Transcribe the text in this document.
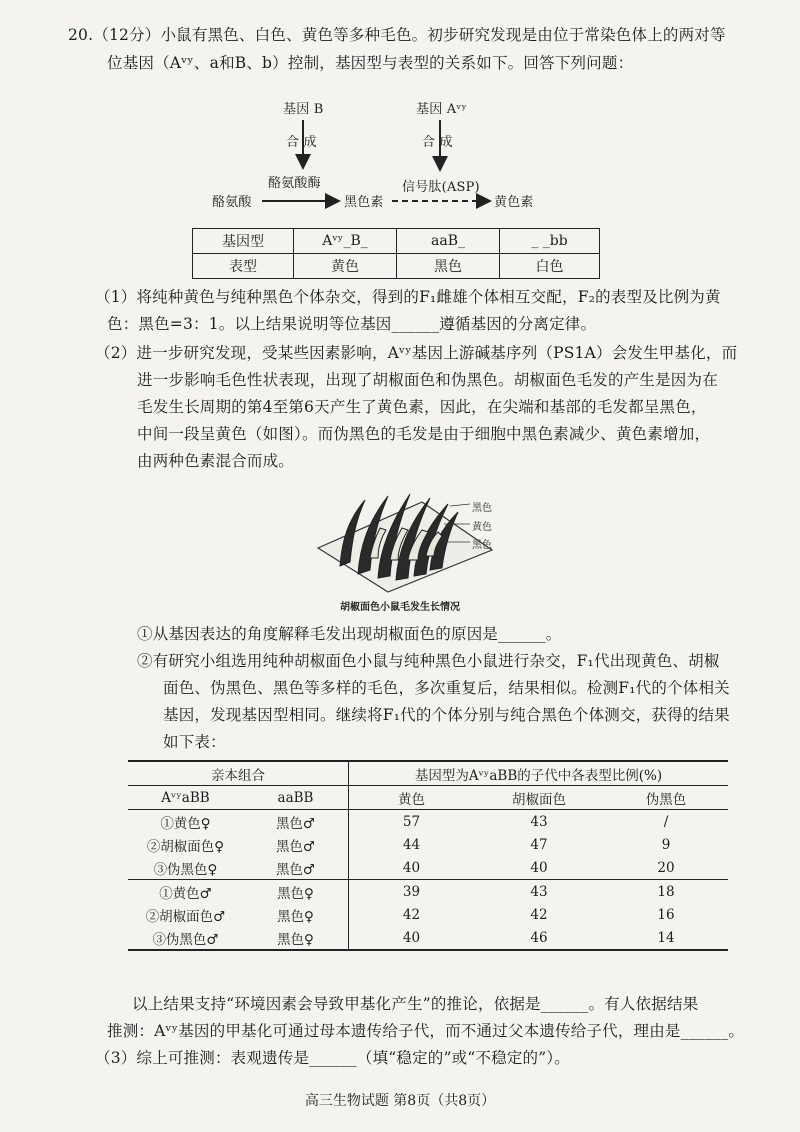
20.（12分）小鼠有黑色、白色、黄色等多种毛色。初步研究发现是由位于常染色体上的两对等
位基因（Aᵛʸ、a和B、b）控制，基因型与表型的关系如下。回答下列问题：
基因 B	基因 Aᵛʸ
合 成	合 成
酪氨酸酶	信号肽(ASP)
酪氨酸	黑色素	黄色素
基因型	Aᵛʸ_B_	aaB_	_ _bb
表型	黄色	黑色	白色
（1）将纯种黄色与纯种黑色个体杂交，得到的F₁雌雄个体相互交配，F₂的表型及比例为黄
色：黑色=3：1。以上结果说明等位基因______遵循基因的分离定律。
（2）进一步研究发现，受某些因素影响，Aᵛʸ基因上游碱基序列（PS1A）会发生甲基化，而
进一步影响毛色性状表现，出现了胡椒面色和伪黑色。胡椒面色毛发的产生是因为在
毛发生长周期的第4至第6天产生了黄色素，因此，在尖端和基部的毛发都呈黑色，
中间一段呈黄色（如图）。而伪黑色的毛发是由于细胞中黑色素减少、黄色素增加，
由两种色素混合而成。
黑色
黄色
黑色
胡椒面色小鼠毛发生长情况
①从基因表达的角度解释毛发出现胡椒面色的原因是______。
②有研究小组选用纯种胡椒面色小鼠与纯种黑色小鼠进行杂交，F₁代出现黄色、胡椒
面色、伪黑色、黑色等多样的毛色，多次重复后，结果相似。检测F₁代的个体相关
基因，发现基因型相同。继续将F₁代的个体分别与纯合黑色个体测交，获得的结果
如下表：
亲本组合		基因型为AᵛʸaBB的子代中各表型比例(%)		
AᵛʸaBB	aaBB	黄色	胡椒面色	伪黑色
①黄色♀	黑色♂	57	43	/
②胡椒面色♀	黑色♂	44	47	9
③伪黑色♀	黑色♂	40	40	20
①黄色♂	黑色♀	39	43	18
②胡椒面色♂	黑色♀	42	42	16
③伪黑色♂	黑色♀	40	46	14
以上结果支持“环境因素会导致甲基化产生”的推论，依据是______。有人依据结果
推测：Aᵛʸ基因的甲基化可通过母本遗传给子代，而不通过父本遗传给子代，理由是______。
（3）综上可推测：表观遗传是______（填“稳定的”或“不稳定的”）。
高三生物试题 第8页（共8页）
